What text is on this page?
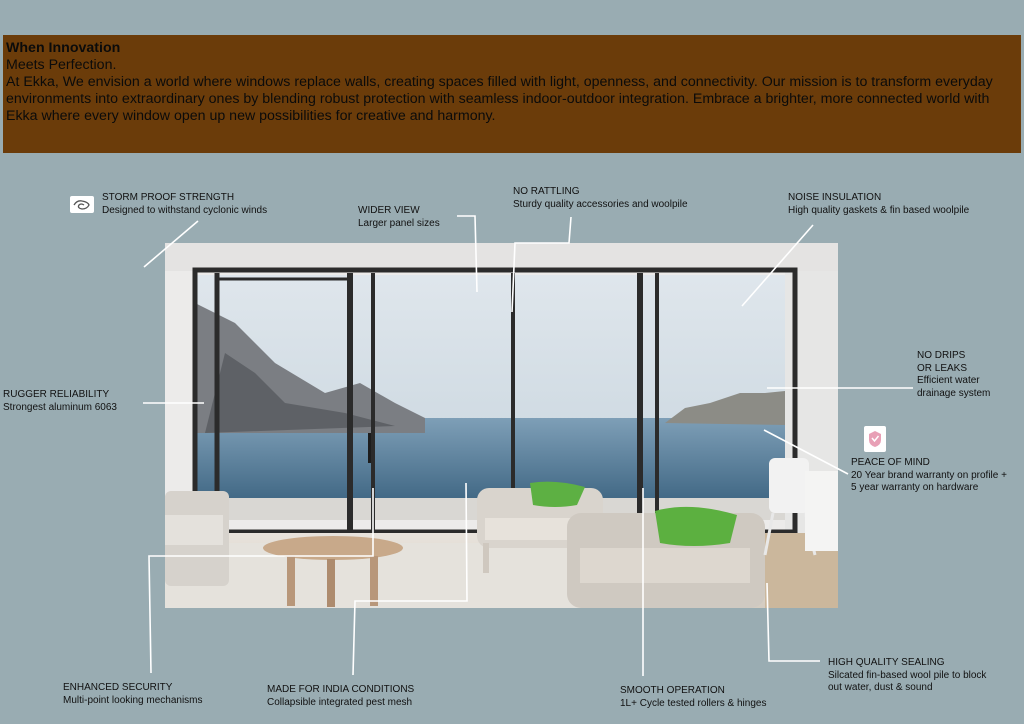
When Innovation
Meets Perfection.
At Ekka, We envision a world where windows replace walls, creating spaces filled with light, openness, and connectivity. Our mission is to transform everyday environments into extraordinary ones by blending robust protection with seamless indoor-outdoor integration. Embrace a brighter, more connected world with Ekka where every window open up new possibilities for creative and harmony.
STORM PROOF STRENGTH
Designed to withstand cyclonic winds	WIDER VIEW
Larger panel sizes
NO RATTLING
Sturdy quality accessories and woolpile
NOISE INSULATION
High quality gaskets & fin based woolpile
RUGGER RELIABILITY
Strongest aluminum 6063
NO DRIPS
OR LEAKS
Efficient water
drainage system
PEACE OF MIND
20 Year brand warranty on profile +
5 year warranty on hardware
HIGH QUALITY SEALING
Silcated fin-based wool pile to block
out water, dust & sound
ENHANCED SECURITY
Multi-point looking mechanisms
MADE FOR INDIA CONDITIONS
Collapsible integrated pest mesh
SMOOTH OPERATION
1L+ Cycle tested rollers & hinges
